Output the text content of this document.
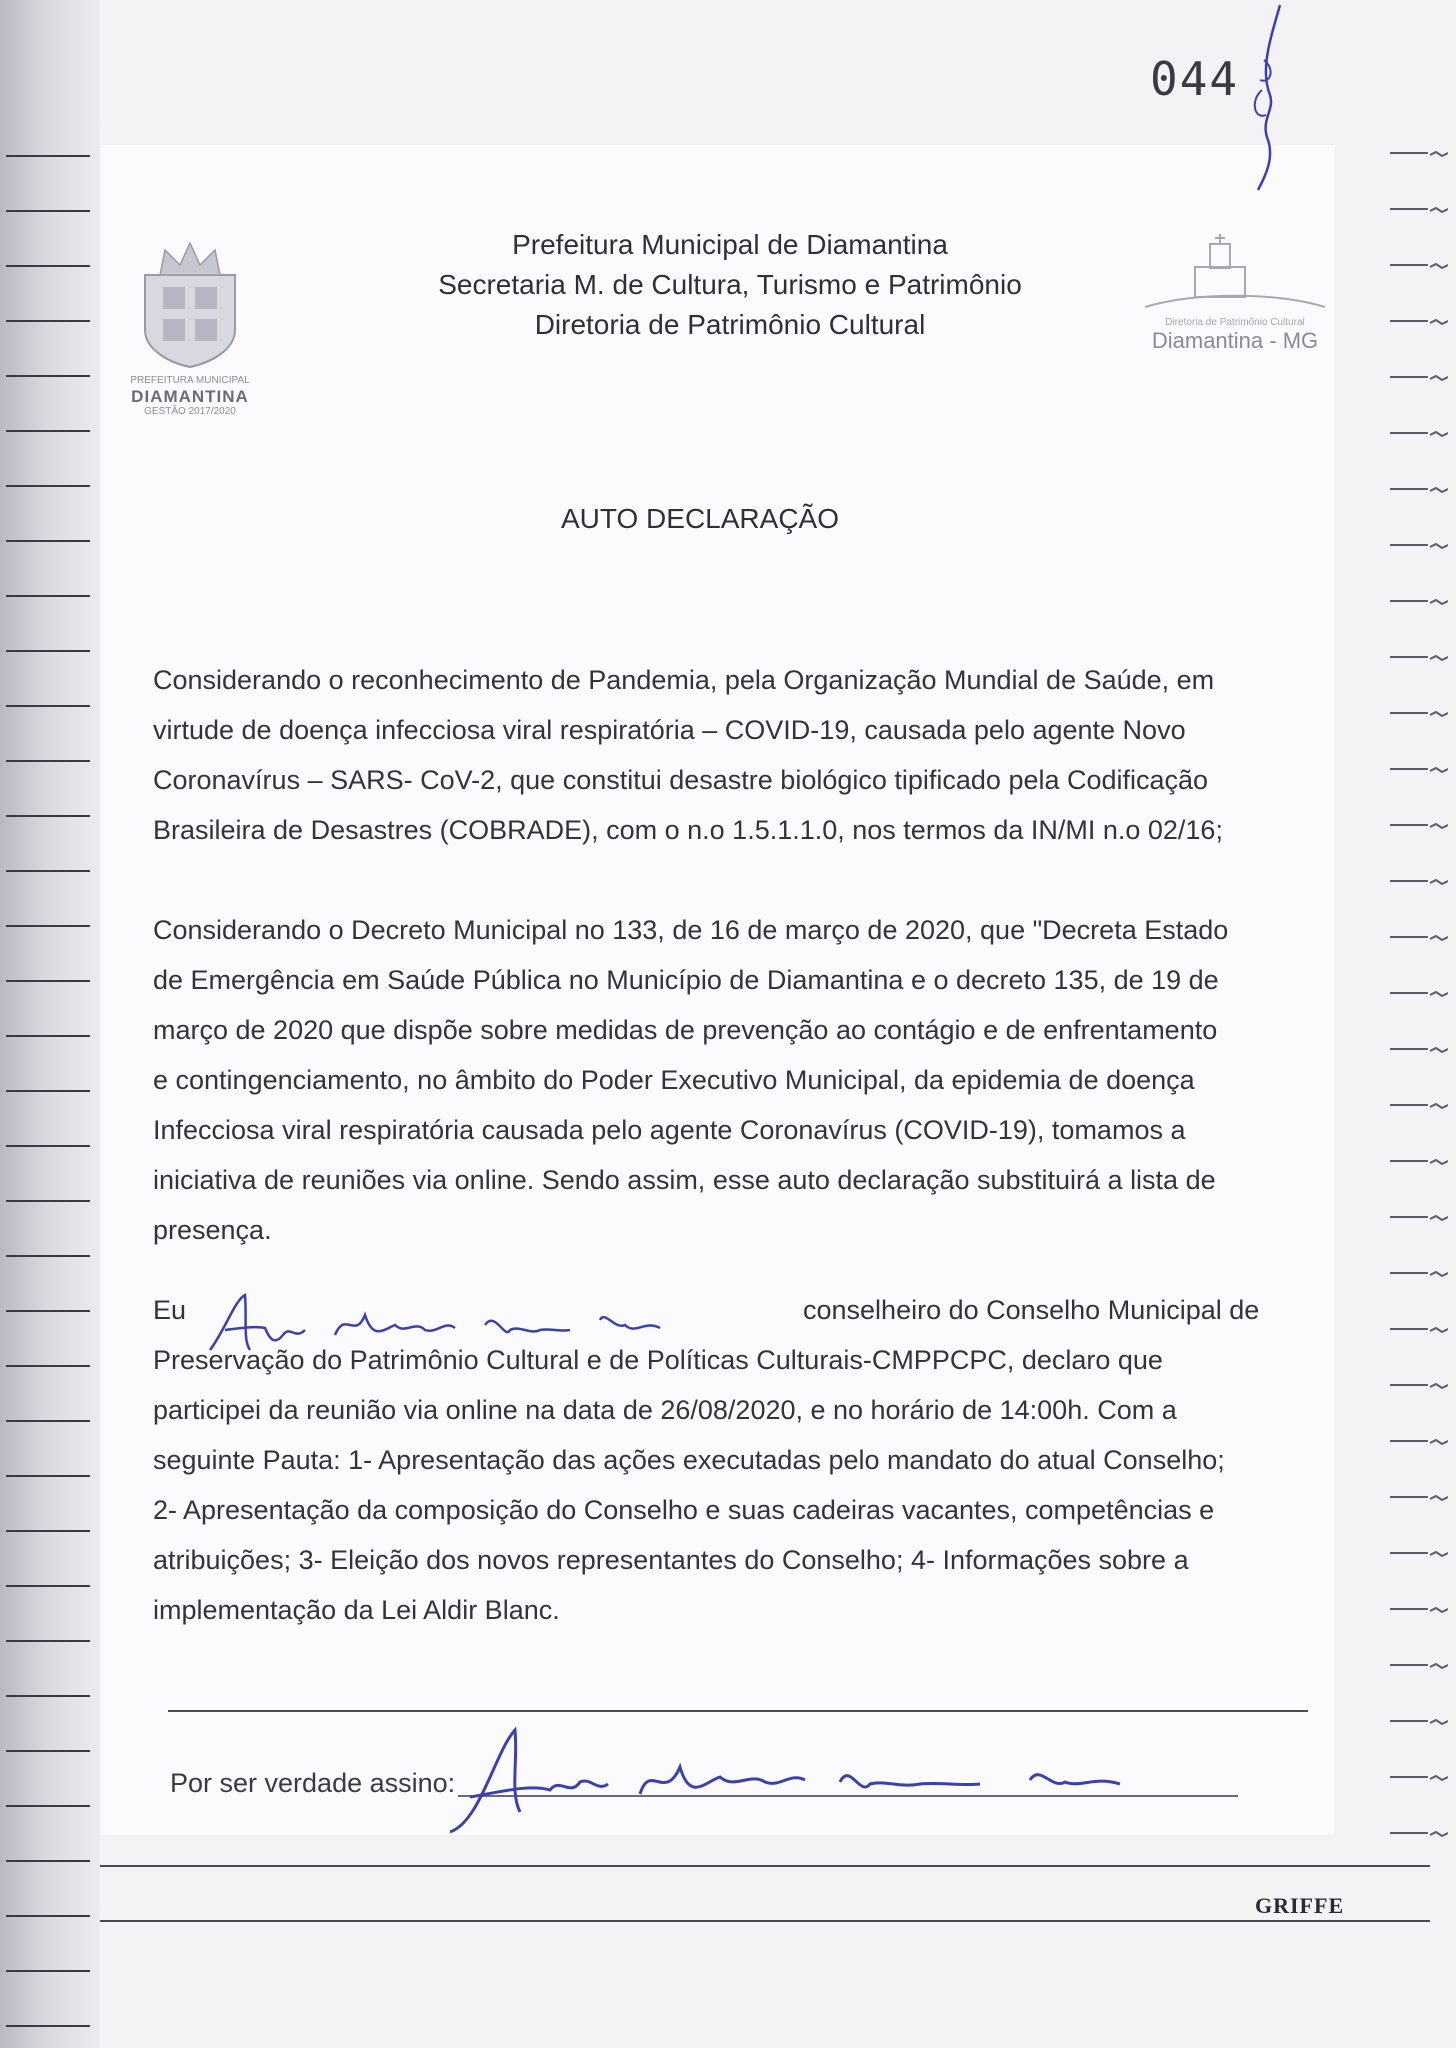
044
PREFEITURA MUNICIPAL
DIAMANTINA
GESTÃO 2017/2020
Diretoria de Patrimônio Cultural
Diamantina - MG
Prefeitura Municipal de Diamantina
Secretaria M. de Cultura, Turismo e Patrimônio
Diretoria de Patrimônio Cultural
AUTO DECLARAÇÃO
Considerando o reconhecimento de Pandemia, pela Organização Mundial de Saúde, em
virtude de doença infecciosa viral respiratória – COVID-19, causada pelo agente Novo
Coronavírus – SARS- CoV-2, que constitui desastre biológico tipificado pela Codificação
Brasileira de Desastres (COBRADE), com o n.o 1.5.1.1.0, nos termos da IN/MI n.o 02/16;
Considerando o Decreto Municipal no 133, de 16 de março de 2020, que "Decreta Estado
de Emergência em Saúde Pública no Município de Diamantina e o decreto 135, de 19 de
março de 2020 que dispõe sobre medidas de prevenção ao contágio e de enfrentamento
e contingenciamento, no âmbito do Poder Executivo Municipal, da epidemia de doença
Infecciosa viral respiratória causada pelo agente Coronavírus (COVID-19), tomamos a
iniciativa de reuniões via online. Sendo assim, esse auto declaração substituirá a lista de
presença.
Eu	conselheiro do Conselho Municipal de
Preservação do Patrimônio Cultural e de Políticas Culturais-CMPPCPC, declaro que
participei da reunião via online na data de 26/08/2020, e no horário de 14:00h. Com a
seguinte Pauta: 1- Apresentação das ações executadas pelo mandato do atual Conselho;
2- Apresentação da composição do Conselho e suas cadeiras vacantes, competências e
atribuições; 3- Eleição dos novos representantes do Conselho; 4- Informações sobre a
implementação da Lei Aldir Blanc.
Por ser verdade assino:
GRIFFE
